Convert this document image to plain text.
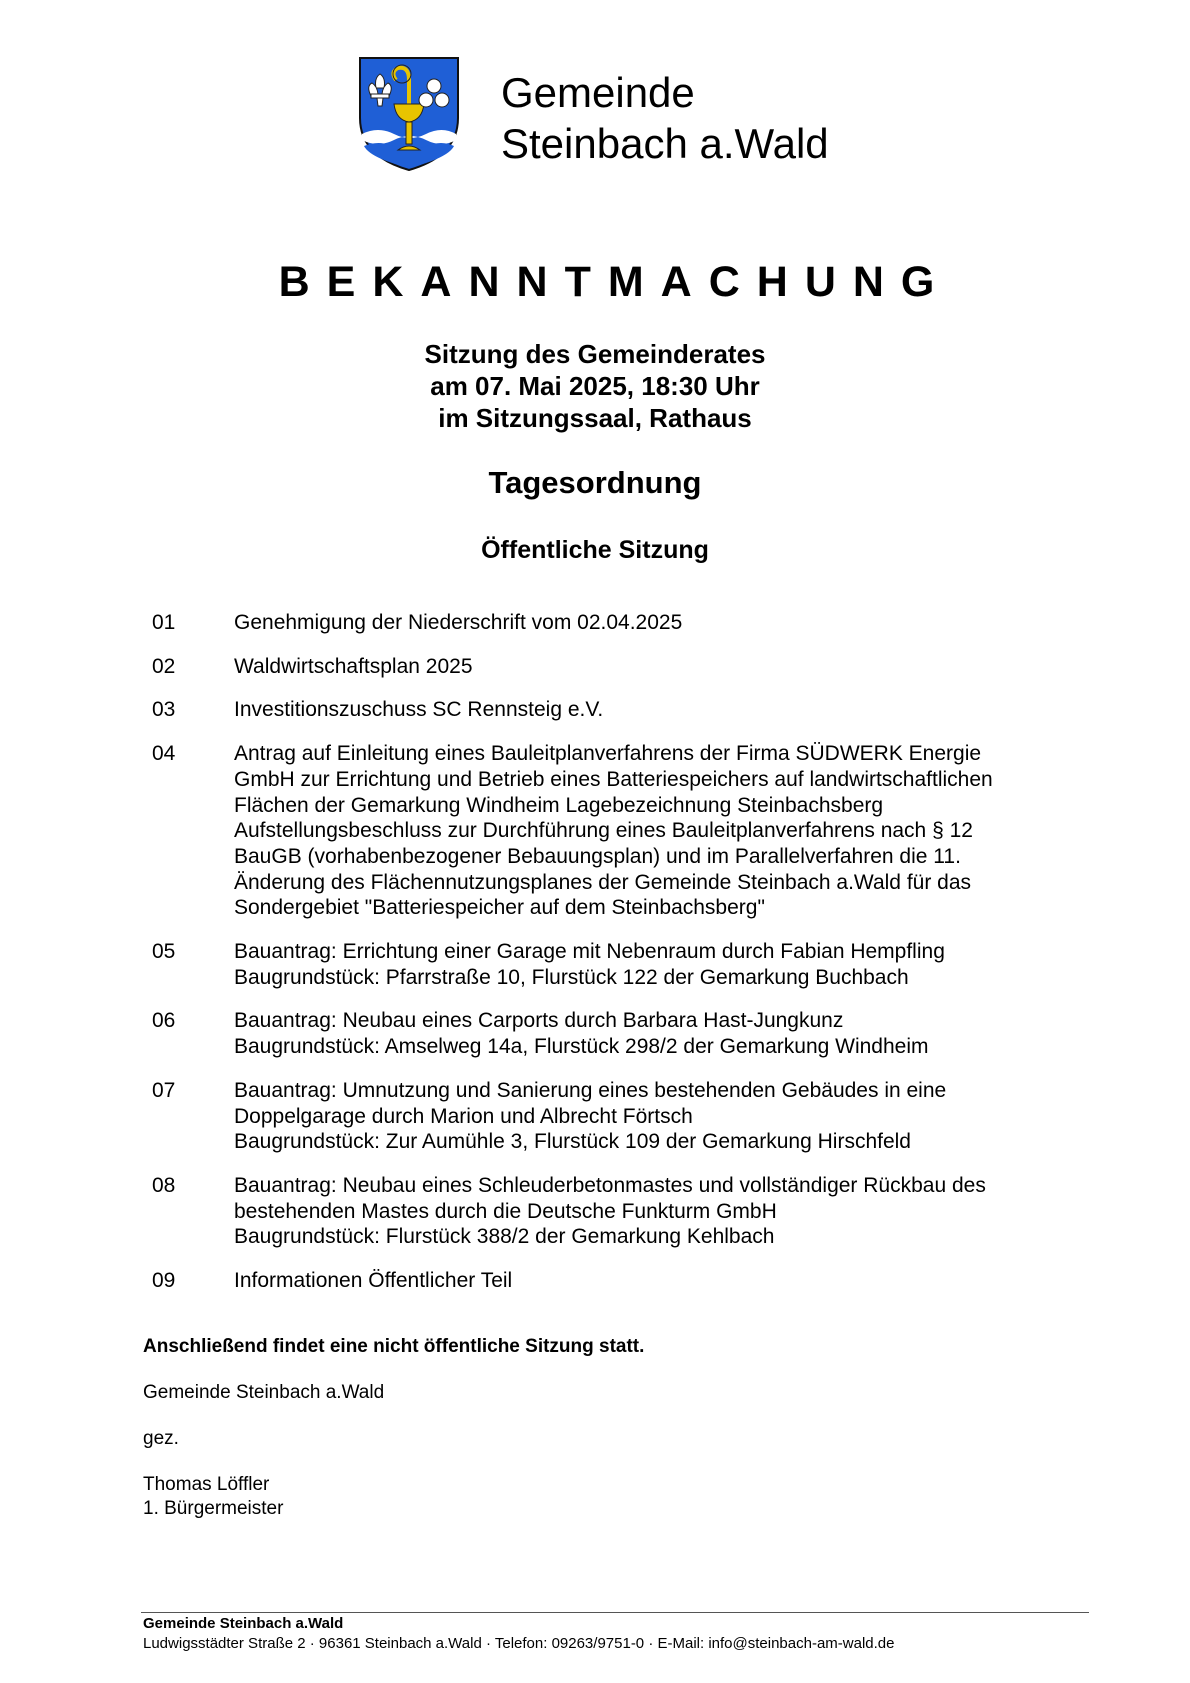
Gemeinde
Steinbach a.Wald
BEKANNTMACHUNG
Sitzung des Gemeinderates
am 07. Mai 2025, 18:30 Uhr
im Sitzungssaal, Rathaus
Tagesordnung
Öffentliche Sitzung
01	Genehmigung der Niederschrift vom 02.04.2025
02	Waldwirtschaftsplan 2025
03	Investitionszuschuss SC Rennsteig e.V.
04	Antrag auf Einleitung eines Bauleitplanverfahrens der Firma SÜDWERK Energie
GmbH zur Errichtung und Betrieb eines Batteriespeichers auf landwirtschaftlichen
Flächen der Gemarkung Windheim Lagebezeichnung Steinbachsberg
Aufstellungsbeschluss zur Durchführung eines Bauleitplanverfahrens nach § 12
BauGB (vorhabenbezogener Bebauungsplan) und im Parallelverfahren die 11.
Änderung des Flächennutzungsplanes der Gemeinde Steinbach a.Wald für das
Sondergebiet "Batteriespeicher auf dem Steinbachsberg"
05	Bauantrag: Errichtung einer Garage mit Nebenraum durch Fabian Hempfling
Baugrundstück: Pfarrstraße 10, Flurstück 122 der Gemarkung Buchbach
06	Bauantrag: Neubau eines Carports durch Barbara Hast-Jungkunz
Baugrundstück: Amselweg 14a, Flurstück 298/2 der Gemarkung Windheim
07	Bauantrag: Umnutzung und Sanierung eines bestehenden Gebäudes in eine
Doppelgarage durch Marion und Albrecht Förtsch
Baugrundstück: Zur Aumühle 3, Flurstück 109 der Gemarkung Hirschfeld
08	Bauantrag: Neubau eines Schleuderbetonmastes und vollständiger Rückbau des
bestehenden Mastes durch die Deutsche Funkturm GmbH
Baugrundstück: Flurstück 388/2 der Gemarkung Kehlbach
09	Informationen Öffentlicher Teil
Anschließend findet eine nicht öffentliche Sitzung statt.
Gemeinde Steinbach a.Wald
gez.
Thomas Löffler
1. Bürgermeister
Gemeinde Steinbach a.Wald
Ludwigsstädter Straße 2 · 96361 Steinbach a.Wald · Telefon: 09263/9751-0 · E-Mail: info@steinbach-am-wald.de
